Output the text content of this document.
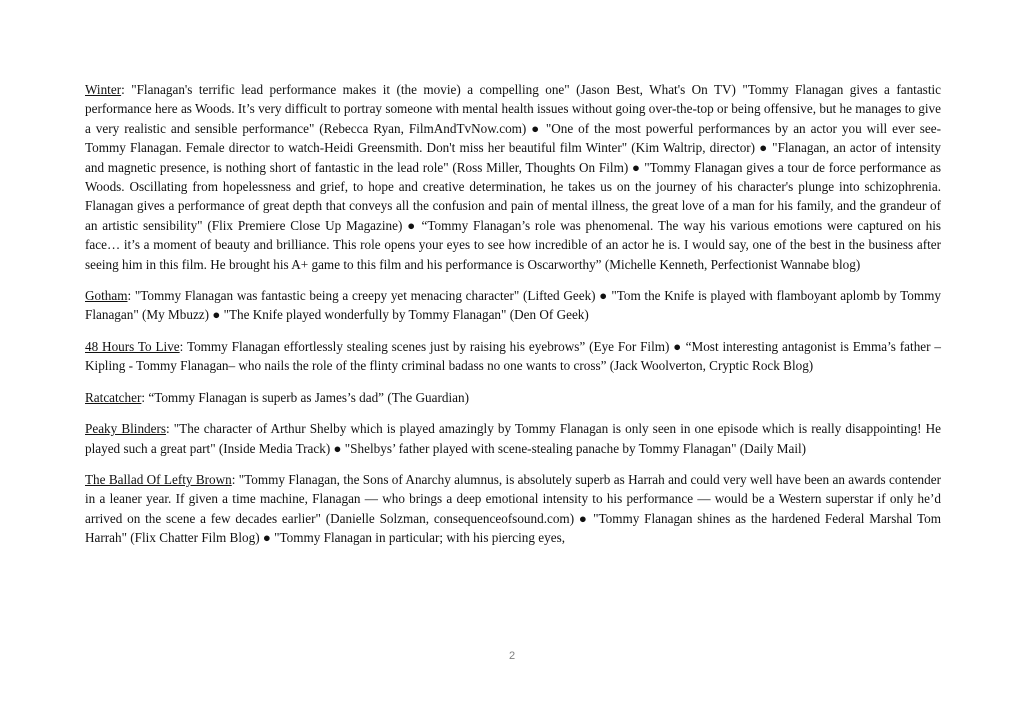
Winter: "Flanagan's terrific lead performance makes it (the movie) a compelling one" (Jason Best, What's On TV) "Tommy Flanagan gives a fantastic performance here as Woods. It’s very difficult to portray someone with mental health issues without going over-the-top or being offensive, but he manages to give a very realistic and sensible performance" (Rebecca Ryan, FilmAndTvNow.com) ● "One of the most powerful performances by an actor you will ever see- Tommy Flanagan. Female director to watch-Heidi Greensmith. Don't miss her beautiful film Winter" (Kim Waltrip, director) ● "Flanagan, an actor of intensity and magnetic presence, is nothing short of fantastic in the lead role" (Ross Miller, Thoughts On Film) ● "Tommy Flanagan gives a tour de force performance as Woods. Oscillating from hopelessness and grief, to hope and creative determination, he takes us on the journey of his character's plunge into schizophrenia. Flanagan gives a performance of great depth that conveys all the confusion and pain of mental illness, the great love of a man for his family, and the grandeur of an artistic sensibility" (Flix Premiere Close Up Magazine) ● “Tommy Flanagan’s role was phenomenal. The way his various emotions were captured on his face… it’s a moment of beauty and brilliance. This role opens your eyes to see how incredible of an actor he is. I would say, one of the best in the business after seeing him in this film. He brought his A+ game to this film and his performance is Oscarworthy” (Michelle Kenneth, Perfectionist Wannabe blog)

Gotham: "Tommy Flanagan was fantastic being a creepy yet menacing character" (Lifted Geek) ● "Tom the Knife is played with flamboyant aplomb by Tommy Flanagan" (My Mbuzz) ● "The Knife played wonderfully by Tommy Flanagan" (Den Of Geek)

48 Hours To Live: Tommy Flanagan effortlessly stealing scenes just by raising his eyebrows” (Eye For Film) ● “Most interesting antagonist is Emma’s father – Kipling - Tommy Flanagan– who nails the role of the flinty criminal badass no one wants to cross” (Jack Woolverton, Cryptic Rock Blog)

Ratcatcher: “Tommy Flanagan is superb as James’s dad” (The Guardian)

Peaky Blinders: "The character of Arthur Shelby which is played amazingly by Tommy Flanagan is only seen in one episode which is really disappointing! He played such a great part" (Inside Media Track) ● "Shelbys’ father played with scene-stealing panache by Tommy Flanagan" (Daily Mail)

The Ballad Of Lefty Brown: "Tommy Flanagan, the Sons of Anarchy alumnus, is absolutely superb as Harrah and could very well have been an awards contender in a leaner year. If given a time machine, Flanagan — who brings a deep emotional intensity to his performance — would be a Western superstar if only he’d arrived on the scene a few decades earlier" (Danielle Solzman, consequenceofsound.com) ● "Tommy Flanagan shines as the hardened Federal Marshal Tom Harrah" (Flix Chatter Film Blog) ● "Tommy Flanagan in particular; with his piercing eyes,

2
